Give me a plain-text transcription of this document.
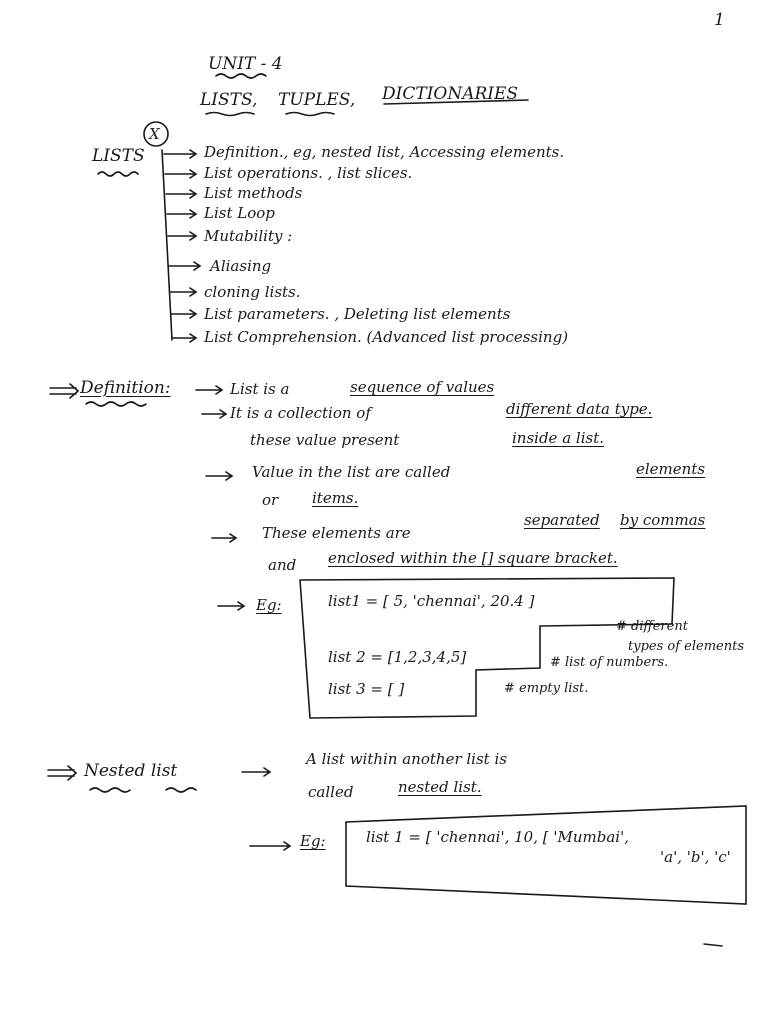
1
UNIT - 4
LISTS, TUPLES, DICTIONARIES
LISTS
X
Definition., eg, nested list, Accessing elements.
List operations. , list slices.
List methods
List Loop
Mutability :
Aliasing
cloning lists.
List parameters. , Deleting list elements
List Comprehension. (Advanced list processing)
Definition:	List is a	sequence of values
It is a collection of	different data type.
these value present	inside a list.
Value in the list are called	elements
or items.
These elements are
separated by commas
and enclosed within the [] square bracket.
Eg:	list1 = [ 5, 'chennai', 20.4 ]
list 2 = [1,2,3,4,5]
list 3 = [ ]
# different
types of elements
# list of numbers.
# empty list.
Nested list
A list within another list is
called	nested list.
Eg:	list 1 = [ 'chennai', 10, [ 'Mumbai',
'a', 'b', 'c'
